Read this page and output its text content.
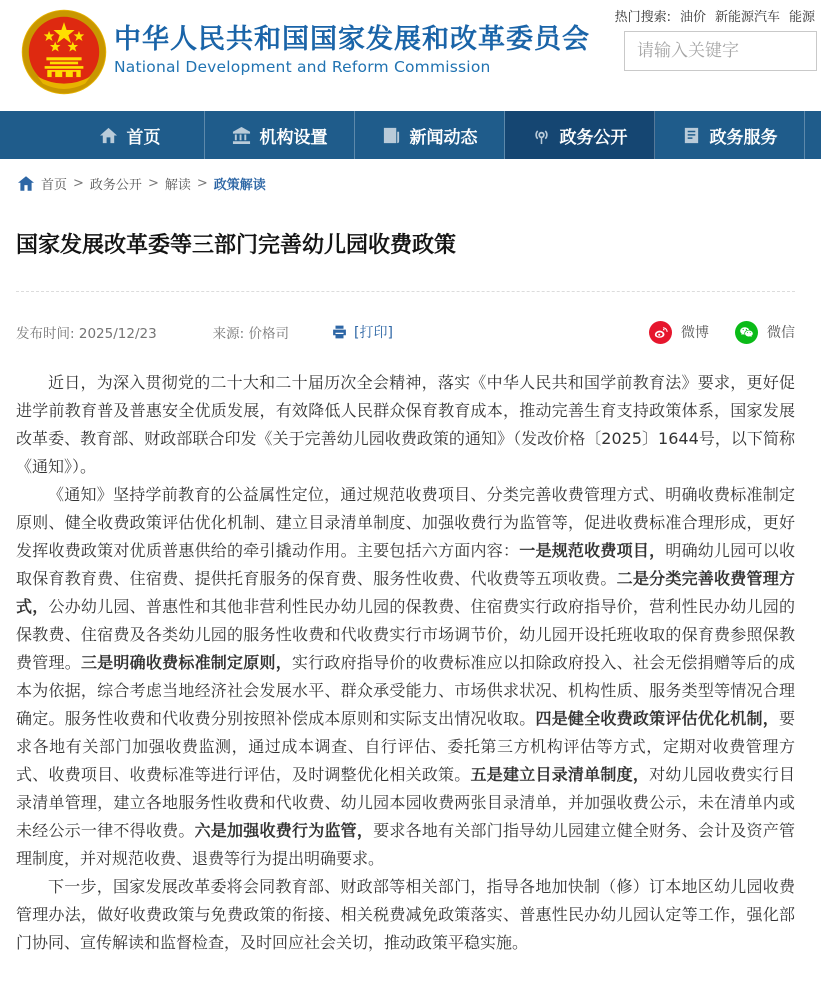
中华人民共和国国家发展和改革委员会
National Development and Reform Commission
热门搜索: 油价 新能源汽车 能源
请输入关键字
首页	机构设置	新闻动态	政务公开	政务服务
首页 > 政务公开 > 解读 > 政策解读
国家发展改革委等三部门完善幼儿园收费政策
发布时间: 2025/12/23	来源: 价格司	[打印]	微博	微信

近日，为深入贯彻党的二十大和二十届历次全会精神，落实《中华人民共和国学前教育法》要求，更好促进学前教育普及普惠安全优质发展，有效降低人民群众保育教育成本，推动完善生育支持政策体系，国家发展改革委、教育部、财政部联合印发《关于完善幼儿园收费政策的通知》（发改价格〔2025〕1644号，以下简称《通知》）。

《通知》坚持学前教育的公益属性定位，通过规范收费项目、分类完善收费管理方式、明确收费标准制定原则、健全收费政策评估优化机制、建立目录清单制度、加强收费行为监管等，促进收费标准合理形成，更好发挥收费政策对优质普惠供给的牵引撬动作用。主要包括六方面内容：一是规范收费项目，明确幼儿园可以收取保育教育费、住宿费、提供托育服务的保育费、服务性收费、代收费等五项收费。二是分类完善收费管理方式，公办幼儿园、普惠性和其他非营利性民办幼儿园的保教费、住宿费实行政府指导价，营利性民办幼儿园的保教费、住宿费及各类幼儿园的服务性收费和代收费实行市场调节价，幼儿园开设托班收取的保育费参照保教费管理。三是明确收费标准制定原则，实行政府指导价的收费标准应以扣除政府投入、社会无偿捐赠等后的成本为依据，综合考虑当地经济社会发展水平、群众承受能力、市场供求状况、机构性质、服务类型等情况合理确定。服务性收费和代收费分别按照补偿成本原则和实际支出情况收取。四是健全收费政策评估优化机制，要求各地有关部门加强收费监测，通过成本调查、自行评估、委托第三方机构评估等方式，定期对收费管理方式、收费项目、收费标准等进行评估，及时调整优化相关政策。五是建立目录清单制度，对幼儿园收费实行目录清单管理，建立各地服务性收费和代收费、幼儿园本园收费两张目录清单，并加强收费公示，未在清单内或未经公示一律不得收费。六是加强收费行为监管，要求各地有关部门指导幼儿园建立健全财务、会计及资产管理制度，并对规范收费、退费等行为提出明确要求。

下一步，国家发展改革委将会同教育部、财政部等相关部门，指导各地加快制（修）订本地区幼儿园收费管理办法，做好收费政策与免费政策的衔接、相关税费减免政策落实、普惠性民办幼儿园认定等工作，强化部门协同、宣传解读和监督检查，及时回应社会关切，推动政策平稳实施。
